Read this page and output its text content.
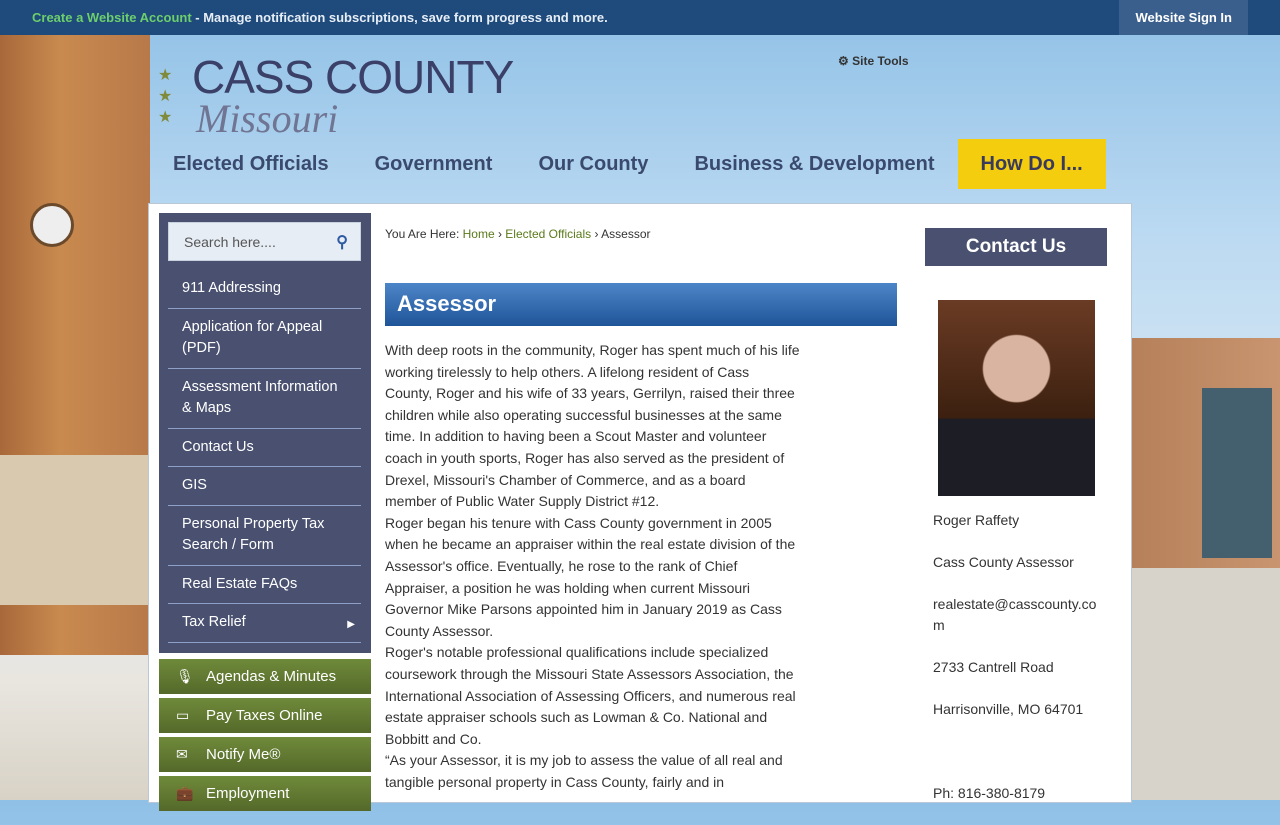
Create a Website Account - Manage notification subscriptions, save form progress and more.	Website Sign In
★
★
★
CASS COUNTY
Missouri
⚙ Site Tools
Elected Officials	Government	Our County	Business & Development	How Do I...
Search here....	⚲
911 Addressing
Application for Appeal (PDF)
Assessment Information & Maps
Contact Us
GIS
Personal Property Tax Search / Form
Real Estate FAQs
Tax Relief	▶
🎙 Agendas & Minutes
▭ Pay Taxes Online
✉ Notify Me®
💼 Employment
You Are Here: Home › Elected Officials › Assessor
Assessor

With deep roots in the community, Roger has spent much of his life working tirelessly to help others. A lifelong resident of Cass County, Roger and his wife of 33 years, Gerrilyn, raised their three children while also operating successful businesses at the same time. In addition to having been a Scout Master and volunteer coach in youth sports, Roger has also served as the president of Drexel, Missouri's Chamber of Commerce, and as a board member of Public Water Supply District #12.

Roger began his tenure with Cass County government in 2005 when he became an appraiser within the real estate division of the Assessor's office. Eventually, he rose to the rank of Chief Appraiser, a position he was holding when current Missouri Governor Mike Parsons appointed him in January 2019 as Cass County Assessor.

Roger's notable professional qualifications include specialized coursework through the Missouri State Assessors Association, the International Association of Assessing Officers, and numerous real estate appraiser schools such as Lowman & Co. National and Bobbitt and Co.

“As your Assessor, it is my job to assess the value of all real and tangible personal property in Cass County, fairly and in

Contact Us

Roger Raffety

Cass County Assessor

realestate@casscounty.com

2733 Cantrell Road

Harrisonville, MO 64701

Ph: 816-380-8179
